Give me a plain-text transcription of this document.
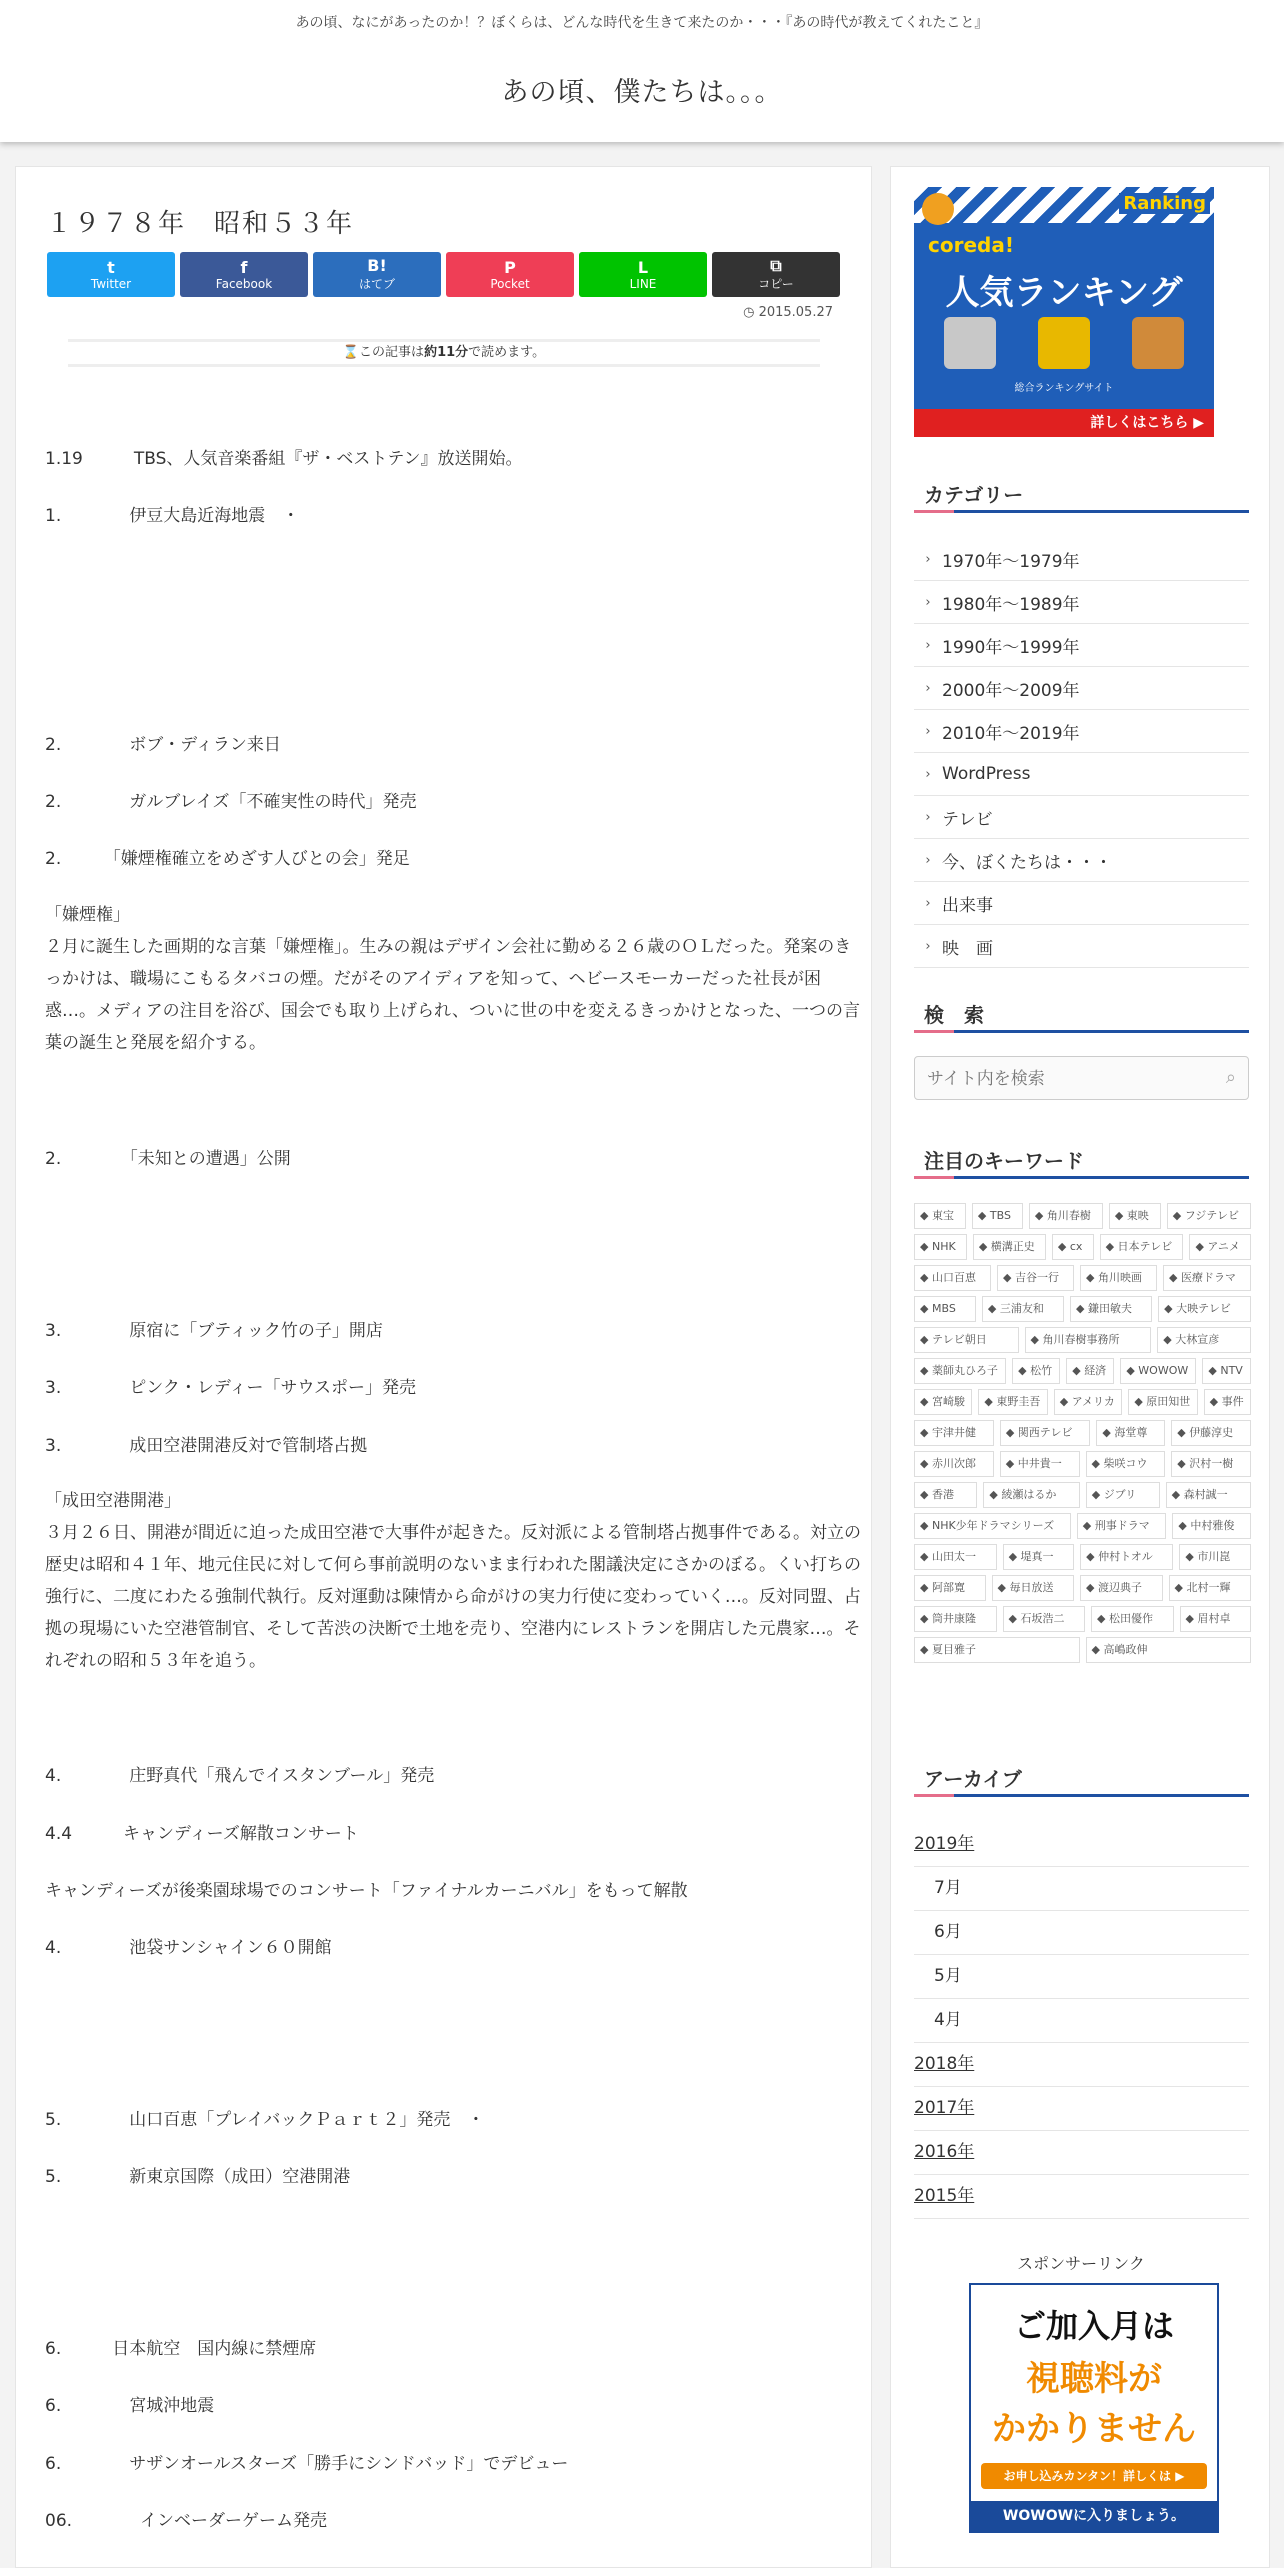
あの頃、なにがあったのか！？ぼくらは、どんな時代を生きて来たのか・・・『あの時代が教えてくれたこと』
あの頃、僕たちは。。。
１９７８年　昭和５３年
t
Twitter
f
Facebook
B!
はてブ
P
Pocket
L
LINE
⧉
コピー
◷ 2015.05.27
⌛この記事は約11分で読めます。
1.19　　　TBS、人気音楽番組『ザ・ベストテン』放送開始。
1.　　　　伊豆大島近海地震　・
2.　　　　ボブ・ディラン来日
2.　　　　ガルブレイズ「不確実性の時代」発売
2.　　　「嫌煙権確立をめざす人びとの会」発足
「嫌煙権」
２月に誕生した画期的な言葉「嫌煙権」。生みの親はデザイン会社に勤める２６歳のＯＬだった。発案のきっかけは、職場にこもるタバコの煙。だがそのアイディアを知って、ヘビースモーカーだった社長が困惑…。メディアの注目を浴び、国会でも取り上げられ、ついに世の中を変えるきっかけとなった、一つの言葉の誕生と発展を紹介する。
2.　　　　「未知との遭遇」公開
3.　　　　原宿に「ブティック竹の子」開店
3.　　　　ピンク・レディー「サウスポー」発売
3.　　　　成田空港開港反対で管制塔占拠
「成田空港開港」
３月２６日、開港が間近に迫った成田空港で大事件が起きた。反対派による管制塔占拠事件である。対立の歴史は昭和４１年、地元住民に対して何ら事前説明のないまま行われた閣議決定にさかのぼる。くい打ちの強行に、二度にわたる強制代執行。反対運動は陳情から命がけの実力行使に変わっていく…。反対同盟、占拠の現場にいた空港管制官、そして苦渋の決断で土地を売り、空港内にレストランを開店した元農家…。それぞれの昭和５３年を追う。
4.　　　　庄野真代「飛んでイスタンブール」発売
4.4　　　キャンディーズ解散コンサート
キャンディーズが後楽園球場でのコンサート「ファイナルカーニバル」をもって解散
4.　　　　池袋サンシャイン６０開館
5.　　　　山口百恵「プレイバックＰａｒｔ２」発売　・
5.　　　　新東京国際（成田）空港開港
6.　　　日本航空　国内線に禁煙席
6.　　　　宮城沖地震
6.　　　　サザンオールスターズ「勝手にシンドバッド」でデビュー
06.　　　　インベーダーゲーム発売
Ranking
coreda!
人気ランキング
総合ランキングサイト
詳しくはこちら ▶
カテゴリー
› 1970年～1979年
› 1980年～1989年
› 1990年～1999年
› 2000年～2009年
› 2010年～2019年
› WordPress
› テレビ
› 今、ぼくたちは・・・
› 出来事
› 映　画
検　索
サイト内を検索
⌕
注目のキーワード
◆ 東宝	◆ TBS	◆ 角川春樹	◆ 東映	◆ フジテレビ
◆ NHK	◆ 横溝正史	◆ cx	◆ 日本テレビ	◆ アニメ
◆ 山口百恵	◆ 吉谷一行	◆ 角川映画	◆ 医療ドラマ
◆ MBS	◆ 三浦友和	◆ 鎌田敏夫	◆ 大映テレビ
◆ テレビ朝日	◆ 角川春樹事務所	◆ 大林宣彦
◆ 薬師丸ひろ子	◆ 松竹	◆ 経済	◆ WOWOW	◆ NTV
◆ 宮崎駿	◆ 東野圭吾	◆ アメリカ	◆ 原田知世	◆ 事件
◆ 宇津井健	◆ 関西テレビ	◆ 海堂尊	◆ 伊藤淳史
◆ 赤川次郎	◆ 中井貴一	◆ 柴咲コウ	◆ 沢村一樹
◆ 香港	◆ 綾瀬はるか	◆ ジブリ	◆ 森村誠一
◆ NHK少年ドラマシリーズ	◆ 刑事ドラマ	◆ 中村雅俊
◆ 山田太一	◆ 堤真一	◆ 仲村トオル	◆ 市川崑
◆ 阿部寛	◆ 毎日放送	◆ 渡辺典子	◆ 北村一輝
◆ 筒井康隆	◆ 石坂浩二	◆ 松田優作	◆ 眉村卓
◆ 夏目雅子	◆ 高嶋政伸
アーカイブ
2019年
7月
6月
5月
4月
2018年
2017年
2016年
2015年
スポンサーリンク
ご加入月は
視聴料が
かかりません
お申し込みカンタン！詳しくは ▶
WOWOWに入りましょう。
